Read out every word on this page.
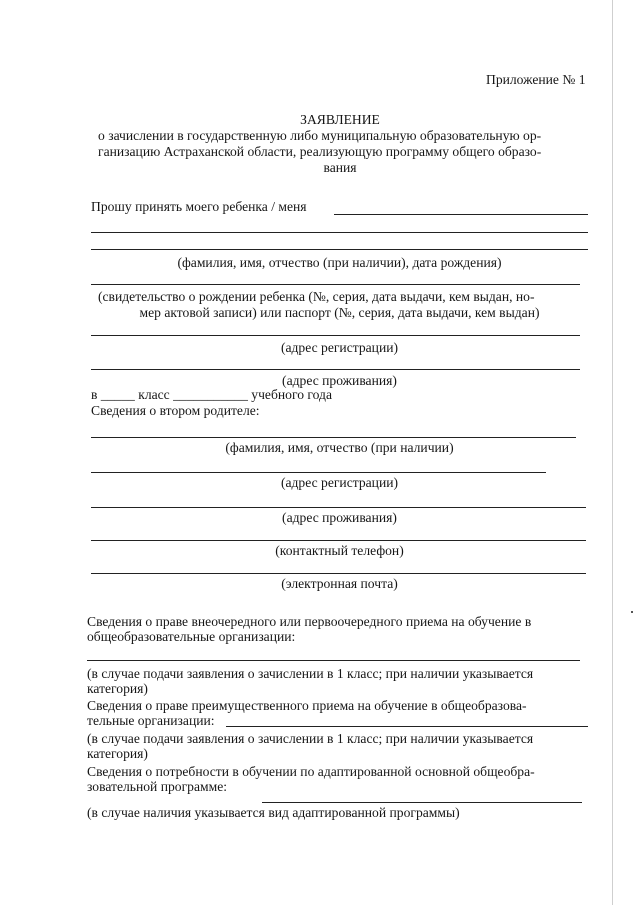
Приложение № 1
ЗАЯВЛЕНИЕ
о зачислении в государственную либо муниципальную образовательную ор-
ганизацию Астраханской области, реализующую программу общего образо-
вания
Прошу принять моего ребенка / меня
(фамилия, имя, отчество (при наличии), дата рождения)
(свидетельство о рождении ребенка (№, серия, дата выдачи, кем выдан, но-
мер актовой записи) или паспорт (№, серия, дата выдачи, кем выдан)
(адрес регистрации)
(адрес проживания)
в _____ класс ___________ учебного года
Сведения о втором родителе:
(фамилия, имя, отчество (при наличии)
(адрес регистрации)
(адрес проживания)
(контактный телефон)
(электронная почта)
Сведения о праве внеочередного или первоочередного приема на обучение в
общеобразовательные организации:
(в случае подачи заявления о зачислении в 1 класс; при наличии указывается
категория)
Сведения о праве преимущественного приема на обучение в общеобразова-
тельные организации:
(в случае подачи заявления о зачислении в 1 класс; при наличии указывается
категория)
Сведения о потребности в обучении по адаптированной основной общеобра-
зовательной программе:
(в случае наличия указывается вид адаптированной программы)
